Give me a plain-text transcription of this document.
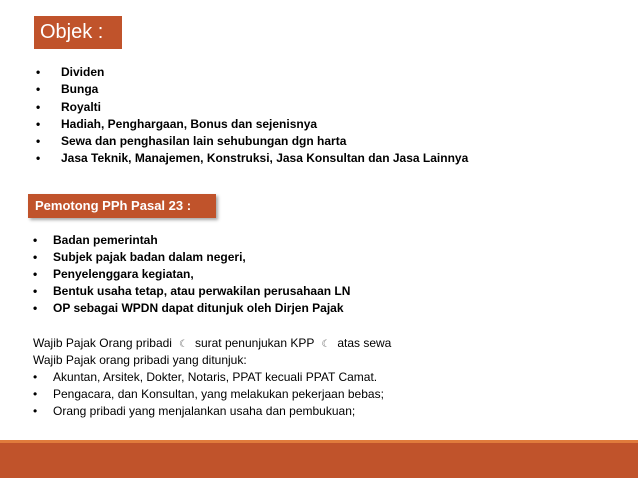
Objek :
• Dividen
• Bunga
• Royalti
• Hadiah, Penghargaan, Bonus dan sejenisnya
• Sewa dan penghasilan lain sehubungan dgn harta
• Jasa Teknik, Manajemen, Konstruksi, Jasa Konsultan dan Jasa Lainnya
Pemotong PPh Pasal 23 :
• Badan pemerintah
• Subjek pajak badan dalam negeri,
• Penyelenggara kegiatan,
• Bentuk usaha tetap, atau perwakilan perusahaan LN
• OP sebagai WPDN dapat ditunjuk oleh Dirjen Pajak
Wajib Pajak Orang pribadi ☾ surat penunjukan KPP ☾ atas sewa
Wajib Pajak orang pribadi yang ditunjuk:
• Akuntan, Arsitek, Dokter, Notaris, PPAT kecuali PPAT Camat.
• Pengacara, dan Konsultan, yang melakukan pekerjaan bebas;
• Orang pribadi yang menjalankan usaha dan pembukuan;
